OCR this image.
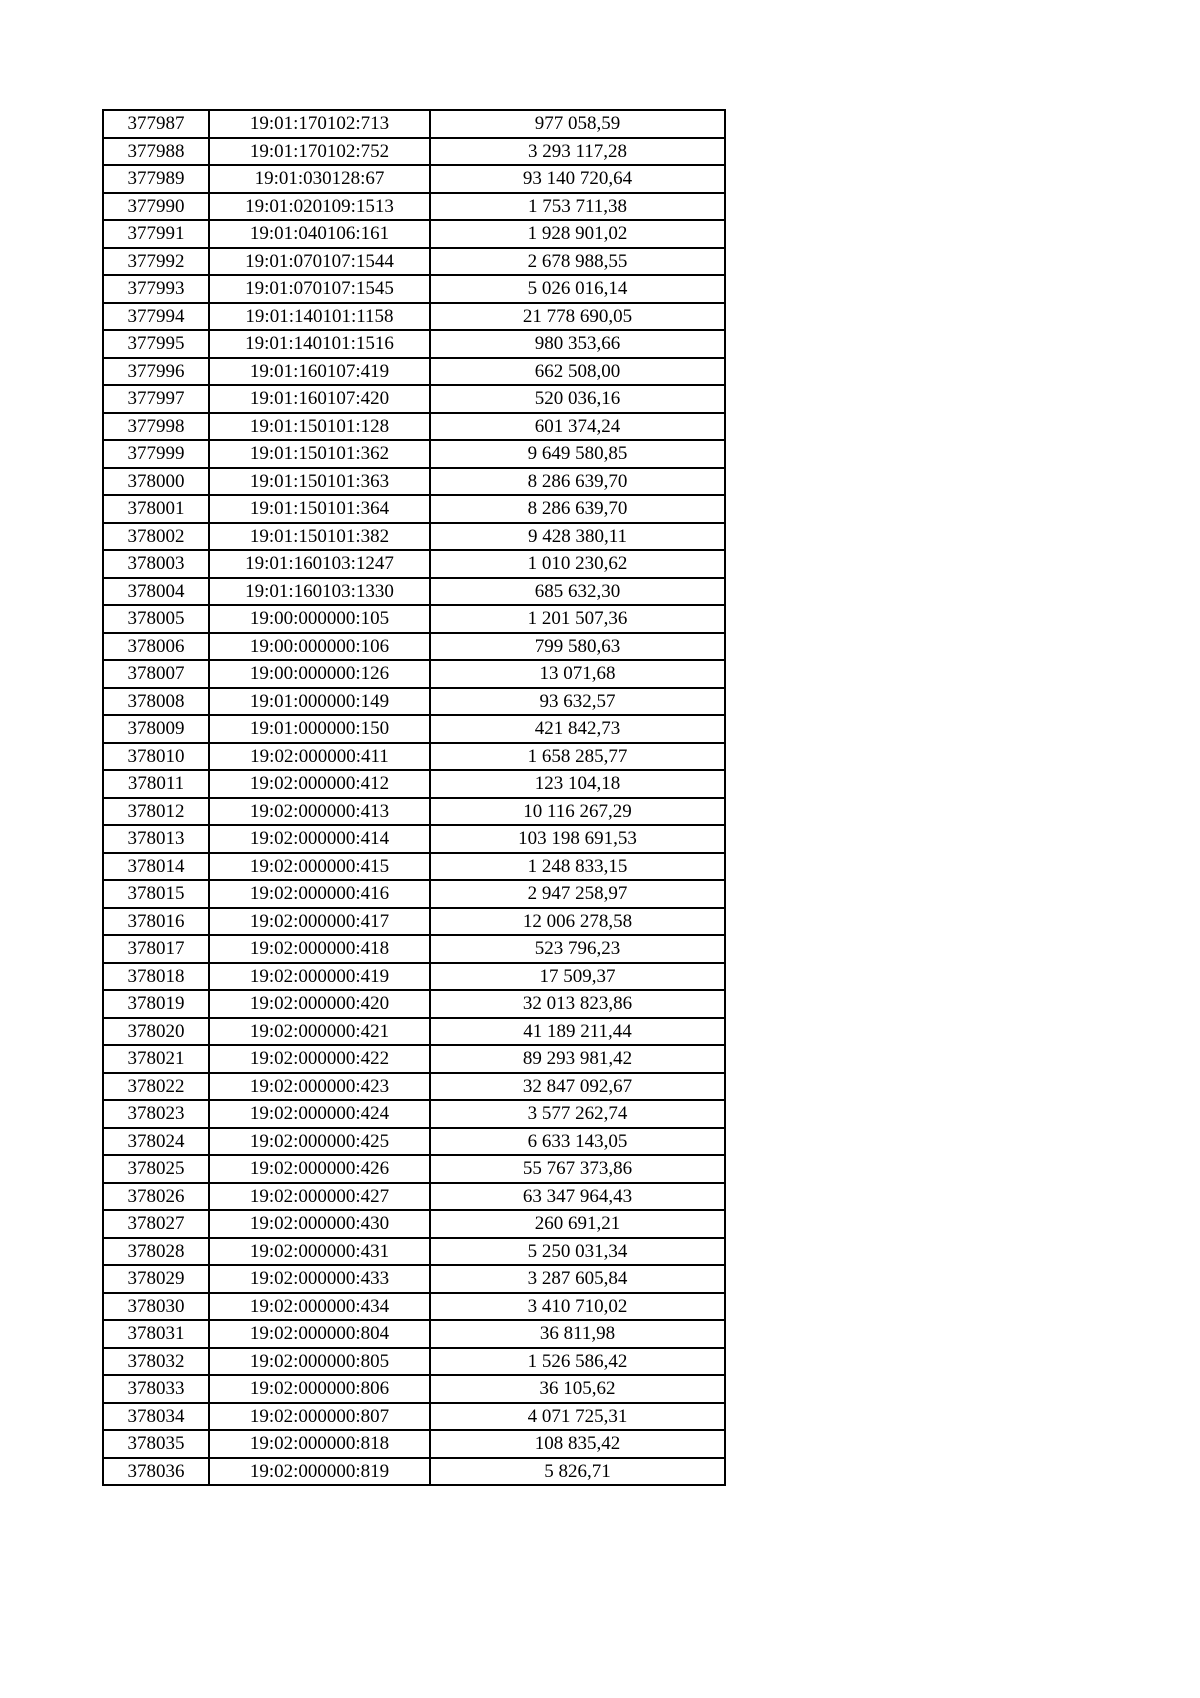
377987	19:01:170102:713	977 058,59
377988	19:01:170102:752	3 293 117,28
377989	19:01:030128:67	93 140 720,64
377990	19:01:020109:1513	1 753 711,38
377991	19:01:040106:161	1 928 901,02
377992	19:01:070107:1544	2 678 988,55
377993	19:01:070107:1545	5 026 016,14
377994	19:01:140101:1158	21 778 690,05
377995	19:01:140101:1516	980 353,66
377996	19:01:160107:419	662 508,00
377997	19:01:160107:420	520 036,16
377998	19:01:150101:128	601 374,24
377999	19:01:150101:362	9 649 580,85
378000	19:01:150101:363	8 286 639,70
378001	19:01:150101:364	8 286 639,70
378002	19:01:150101:382	9 428 380,11
378003	19:01:160103:1247	1 010 230,62
378004	19:01:160103:1330	685 632,30
378005	19:00:000000:105	1 201 507,36
378006	19:00:000000:106	799 580,63
378007	19:00:000000:126	13 071,68
378008	19:01:000000:149	93 632,57
378009	19:01:000000:150	421 842,73
378010	19:02:000000:411	1 658 285,77
378011	19:02:000000:412	123 104,18
378012	19:02:000000:413	10 116 267,29
378013	19:02:000000:414	103 198 691,53
378014	19:02:000000:415	1 248 833,15
378015	19:02:000000:416	2 947 258,97
378016	19:02:000000:417	12 006 278,58
378017	19:02:000000:418	523 796,23
378018	19:02:000000:419	17 509,37
378019	19:02:000000:420	32 013 823,86
378020	19:02:000000:421	41 189 211,44
378021	19:02:000000:422	89 293 981,42
378022	19:02:000000:423	32 847 092,67
378023	19:02:000000:424	3 577 262,74
378024	19:02:000000:425	6 633 143,05
378025	19:02:000000:426	55 767 373,86
378026	19:02:000000:427	63 347 964,43
378027	19:02:000000:430	260 691,21
378028	19:02:000000:431	5 250 031,34
378029	19:02:000000:433	3 287 605,84
378030	19:02:000000:434	3 410 710,02
378031	19:02:000000:804	36 811,98
378032	19:02:000000:805	1 526 586,42
378033	19:02:000000:806	36 105,62
378034	19:02:000000:807	4 071 725,31
378035	19:02:000000:818	108 835,42
378036	19:02:000000:819	5 826,71
